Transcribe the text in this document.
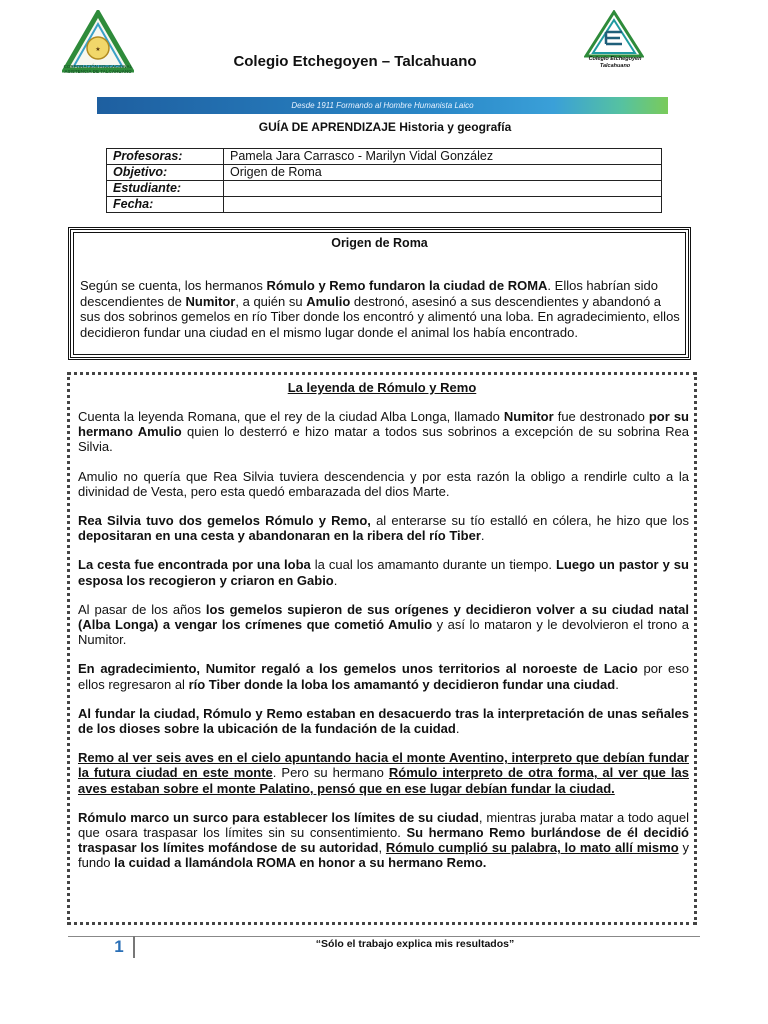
★
CORPORACIÓN EDUCACIONAL ASISTENCIA DE TALCAHUANO
Colegio Etchegoyen
Talcahuano
Colegio Etchegoyen – Talcahuano
Desde 1911 Formando al Hombre Humanista Laico
GUÍA DE APRENDIZAJE Historia y geografía
Profesoras:	Pamela Jara Carrasco - Marilyn Vidal González
Objetivo:	Origen de Roma
Estudiante:	
Fecha:	
Origen de Roma
Según se cuenta, los hermanos Rómulo y Remo fundaron la ciudad de ROMA. Ellos habrían sido descendientes de Numitor, a quién su Amulio destronó, asesinó a sus descendientes y abandonó a sus dos sobrinos gemelos en río Tiber donde los encontró y alimentó una loba. En agradecimiento, ellos decidieron fundar una ciudad en el mismo lugar donde el animal los había encontrado.
La leyenda de Rómulo y Remo

Cuenta la leyenda Romana, que el rey de la ciudad Alba Longa, llamado Numitor fue destronado por su hermano Amulio quien lo desterró e hizo matar a todos sus sobrinos a excepción de su sobrina Rea Silvia.

Amulio no quería que Rea Silvia tuviera descendencia y por esta razón la obligo a rendirle culto a la divinidad de Vesta, pero esta quedó embarazada del dios Marte.

Rea Silvia tuvo dos gemelos Rómulo y Remo, al enterarse su tío estalló en cólera, he hizo que los depositaran en una cesta y abandonaran en la ribera del río Tiber.

La cesta fue encontrada por una loba la cual los amamanto durante un tiempo. Luego un pastor y su esposa los recogieron y criaron en Gabio.

Al pasar de los años los gemelos supieron de sus orígenes y decidieron volver a su ciudad natal (Alba Longa) a vengar los crímenes que cometió Amulio y así lo mataron y le devolvieron el trono a Numitor.

En agradecimiento, Numitor regaló a los gemelos unos territorios al noroeste de Lacio por eso ellos regresaron al río Tiber donde la loba los amamantó y decidieron fundar una ciudad.

Al fundar la ciudad, Rómulo y Remo estaban en desacuerdo tras la interpretación de unas señales de los dioses sobre la ubicación de la fundación de la cuidad.

Remo al ver seis aves en el cielo apuntando hacia el monte Aventino, interpreto que debían fundar la futura ciudad en este monte. Pero su hermano Rómulo interpreto de otra forma, al ver que las aves estaban sobre el monte Palatino, pensó que en ese lugar debían fundar la ciudad.

Rómulo marco un surco para establecer los límites de su ciudad, mientras juraba matar a todo aquel que osara traspasar los límites sin su consentimiento. Su hermano Remo burlándose de él decidió traspasar los límites mofándose de su autoridad, Rómulo cumplió su palabra, lo mato allí mismo y fundo la cuidad a llamándola ROMA en honor a su hermano Remo.

1	“Sólo el trabajo explica mis resultados”
